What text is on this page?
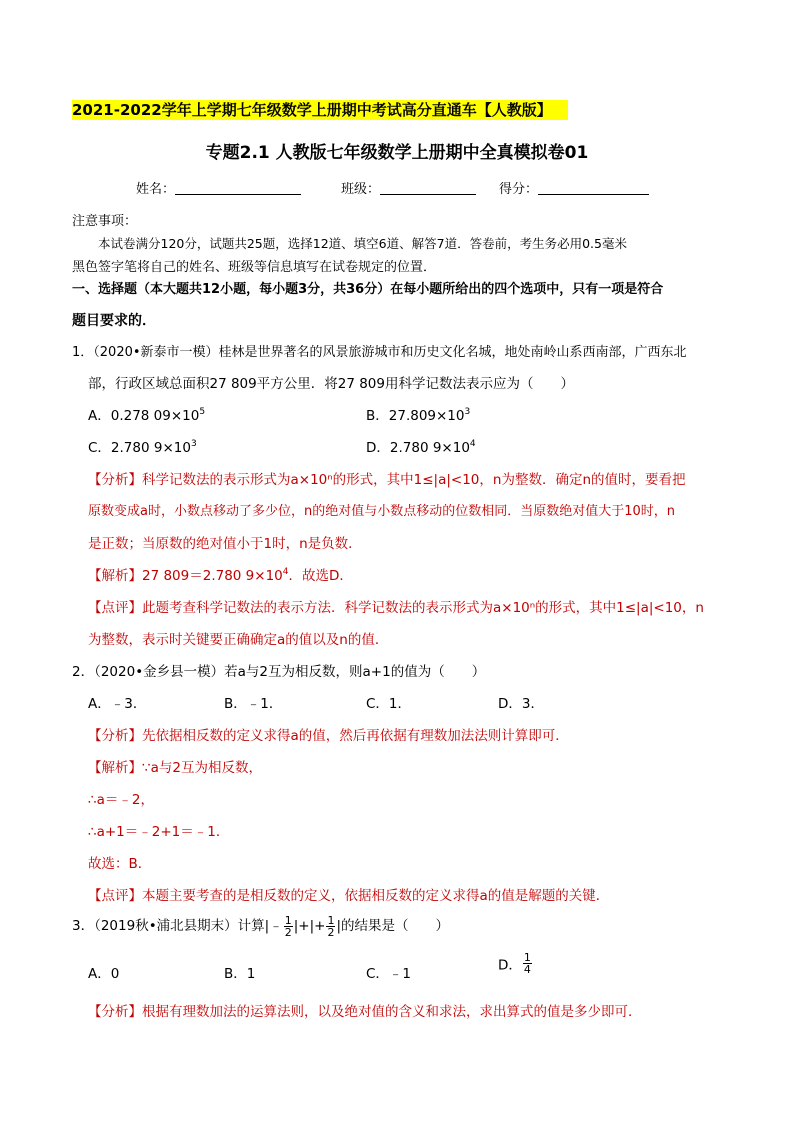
2021-2022学年上学期七年级数学上册期中考试高分直通车【人教版】
专题2.1 人教版七年级数学上册期中全真模拟卷01
姓名：	班级：	得分：
注意事项：
本试卷满分120分，试题共25题，选择12道、填空6道、解答7道．答卷前，考生务必用0.5毫米
黑色签字笔将自己的姓名、班级等信息填写在试卷规定的位置．
一、选择题（本大题共12小题，每小题3分，共36分）在每小题所给出的四个选项中，只有一项是符合
题目要求的．
1．（2020•新泰市一模）桂林是世界著名的风景旅游城市和历史文化名城，地处南岭山系西南部，广西东北
部，行政区域总面积27 809平方公里．将27 809用科学记数法表示应为（　　）
A．0.278 $09\times 10^5$	B．$27.809\times 10^3$
C．2.780 $9\times 10^3$	D．2.780 $9\times 10^4$
【分析】科学记数法的表示形式为a×10ⁿ的形式，其中1≤|a|<10，n为整数．确定n的值时，要看把
原数变成a时，小数点移动了多少位，n的绝对值与小数点移动的位数相同．当原数绝对值大于10时，n
是正数；当原数的绝对值小于1时，n是负数．
【解析】27 809＝2.780 $9\times 10^4$．故选D．
【点评】此题考查科学记数法的表示方法．科学记数法的表示形式为a×10ⁿ的形式，其中1≤|a|<10，n
为整数，表示时关键要正确确定a的值以及n的值．
2．（2020•金乡县一模）若a与2互为相反数，则a+1的值为（　　）
A．﹣3．	B．﹣1．	C．1．	D．3．
【分析】先依据相反数的定义求得a的值，然后再依据有理数加法法则计算即可．
【解析】∵a与2互为相反数，
∴a＝﹣2，
∴a+1＝﹣2+1＝﹣1．
故选：B．
【点评】本题主要考查的是相反数的定义，依据相反数的定义求得a的值是解题的关键．
3．（2019秋•浦北县期末）计算|﹣ $\frac{1}{2}$ |+|+ $\frac{1}{2}$ |的结果是（　　）
A．0	B．1	C．﹣1
D． $\frac{1}{4}$
【分析】根据有理数加法的运算法则，以及绝对值的含义和求法，求出算式的值是多少即可．
